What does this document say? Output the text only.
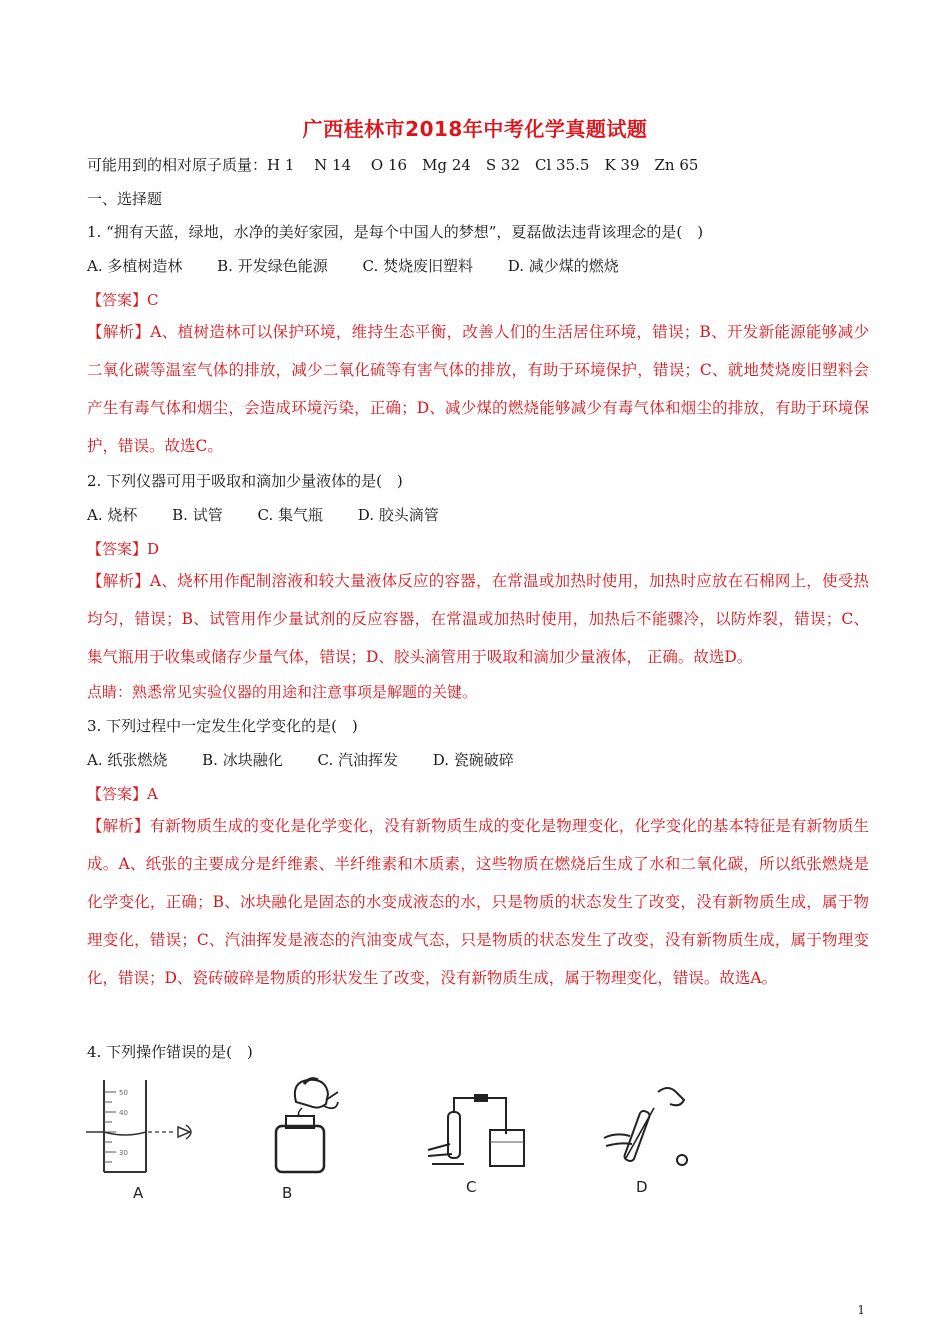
广西桂林市2018年中考化学真题试题
可能用到的相对原子质量：H 1　 N 14　 O 16　Mg 24　S 32　Cl 35.5　K 39　Zn 65
一、选择题
1. “拥有天蓝，绿地，水净的美好家园，是每个中国人的梦想”，夏磊做法违背该理念的是(　)
A. 多植树造林 B. 开发绿色能源 C. 焚烧废旧塑料 D. 减少煤的燃烧
【答案】C
【解析】A、植树造林可以保护环境，维持生态平衡，改善人们的生活居住环境，错误；B、开发新能源能够减少二氧化碳等温室气体的排放，减少二氧化硫等有害气体的排放，有助于环境保护，错误；C、就地焚烧废旧塑料会产生有毒气体和烟尘，会造成环境污染，正确；D、减少煤的燃烧能够减少有毒气体和烟尘的排放，有助于环境保护，错误。故选C。
2. 下列仪器可用于吸取和滴加少量液体的是(　)
A. 烧杯 B. 试管 C. 集气瓶 D. 胶头滴管
【答案】D
【解析】A、烧杯用作配制溶液和较大量液体反应的容器，在常温或加热时使用，加热时应放在石棉网上，使受热均匀，错误；B、试管用作少量试剂的反应容器，在常温或加热时使用，加热后不能骤冷，以防炸裂，错误；C、集气瓶用于收集或储存少量气体，错误；D、胶头滴管用于吸取和滴加少量液体， 正确。故选D。
点睛：熟悉常见实验仪器的用途和注意事项是解题的关键。
3. 下列过程中一定发生化学变化的是(　)
A. 纸张燃烧 B. 冰块融化 C. 汽油挥发 D. 瓷碗破碎
【答案】A
【解析】有新物质生成的变化是化学变化，没有新物质生成的变化是物理变化，化学变化的基本特征是有新物质生成。A、纸张的主要成分是纤维素、半纤维素和木质素，这些物质在燃烧后生成了水和二氧化碳，所以纸张燃烧是化学变化，正确；B、冰块融化是固态的水变成液态的水，只是物质的状态发生了改变，没有新物质生成，属于物理变化，错误；C、汽油挥发是液态的汽油变成气态，只是物质的状态发生了改变，没有新物质生成，属于物理变化，错误；D、瓷砖破碎是物质的形状发生了改变，没有新物质生成，属于物理变化，错误。故选A。
4. 下列操作错误的是(　)
50
40
30
A	B	C	D
1
